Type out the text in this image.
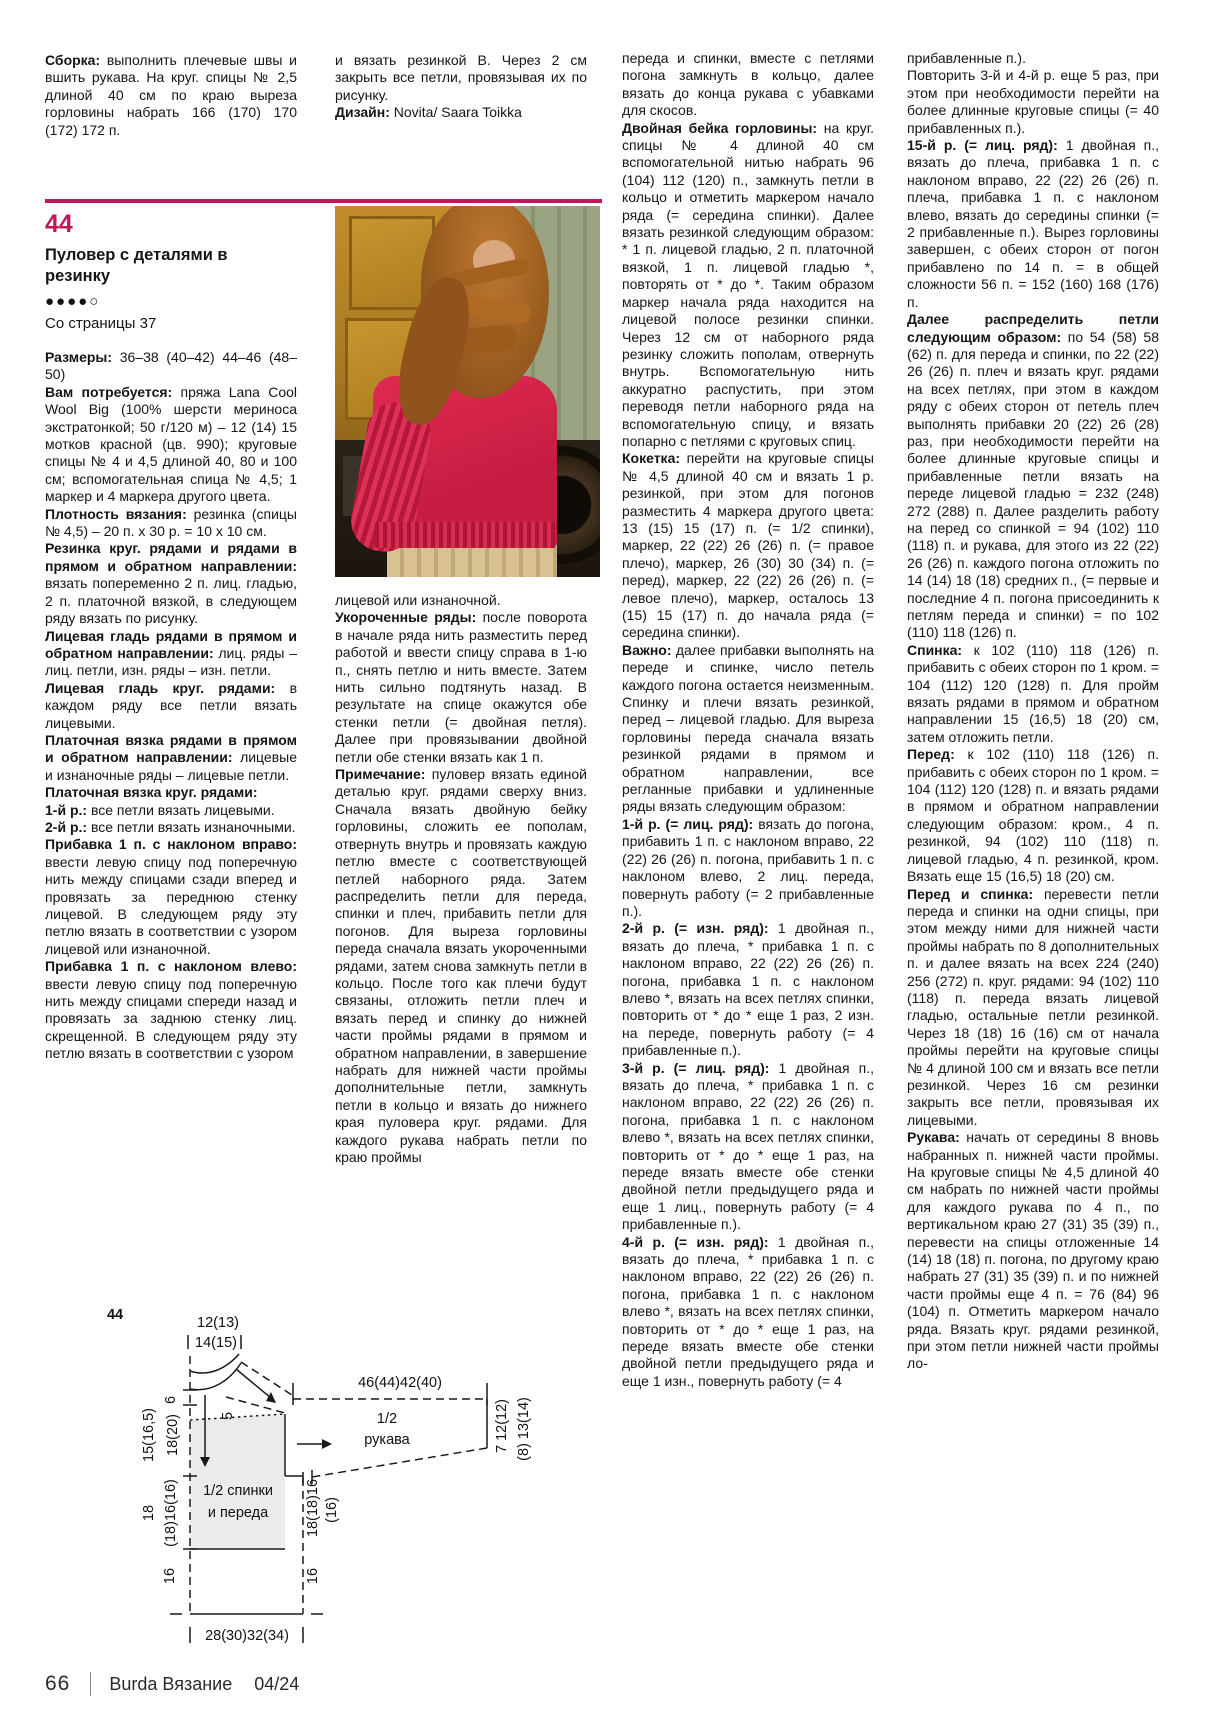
Сборка: выполнить плечевые швы и вшить рукава. На круг. спицы № 2,5 длиной 40 см по краю выреза горловины набрать 166 (170) 170 (172) 172 п.

44
Пуловер с деталями в резинку
●●●●○
Со страницы 37

Размеры: 36–38 (40–42) 44–46 (48–50)

Вам потребуется: пряжа Lana Cool Wool Big (100% шерсти мериноса экстратонкой; 50 г/120 м) – 12 (14) 15 мотков красной (цв. 990); круговые спицы № 4 и 4,5 длиной 40, 80 и 100 см; вспомогательная спица № 4,5; 1 маркер и 4 маркера другого цвета.

Плотность вязания: резинка (спицы № 4,5) – 20 п. х 30 р. = 10 х 10 см.

Резинка круг. рядами и рядами в прямом и обратном направлении: вязать попеременно 2 п. лиц. гладью, 2 п. платочной вязкой, в следующем ряду вязать по рисунку.

Лицевая гладь рядами в прямом и обратном направлении: лиц. ряды – лиц. петли, изн. ряды – изн. петли.

Лицевая гладь круг. рядами: в каждом ряду все петли вязать лицевыми.

Платочная вязка рядами в прямом и обратном направлении: лицевые и изнаночные ряды – лицевые петли.

Платочная вязка круг. рядами:

1-й р.: все петли вязать лицевыми.

2-й р.: все петли вязать изнаночными.

Прибавка 1 п. с наклоном вправо: ввести левую спицу под поперечную нить между спицами сзади вперед и провязать за переднюю стенку лицевой. В следующем ряду эту петлю вязать в соответствии с узором лицевой или изнаночной.

Прибавка 1 п. с наклоном влево: ввести левую спицу под поперечную нить между спицами спереди назад и провязать за заднюю стенку лиц. скрещенной. В следующем ряду эту петлю вязать в соответствии с узором

и вязать резинкой В. Через 2 см закрыть все петли, провязывая их по рисунку.

Дизайн: Novita/ Saara Toikka

лицевой или изнаночной.

Укороченные ряды: после поворота в начале ряда нить разместить перед работой и ввести спицу справа в 1-ю п., снять петлю и нить вместе. Затем нить сильно подтянуть назад. В результате на спице окажутся обе стенки петли (= двойная петля). Далее при провязывании двойной петли обе стенки вязать как 1 п.

Примечание: пуловер вязать единой деталью круг. рядами сверху вниз. Сначала вязать двойную бейку горловины, сложить ее пополам, отвернуть внутрь и провязать каждую петлю вместе с соответствующей петлей наборного ряда. Затем распределить петли для переда, спинки и плеч, прибавить петли для погонов. Для выреза горловины переда сначала вязать укороченными рядами, затем снова замкнуть петли в кольцо. После того как плечи будут связаны, отложить петли плеч и вязать перед и спинку до нижней части проймы рядами в прямом и обратном направлении, в завершение набрать для нижней части проймы дополнительные петли, замкнуть петли в кольцо и вязать до нижнего края пуловера круг. рядами. Для каждого рукава набрать петли по краю проймы

переда и спинки, вместе с петлями погона замкнуть в кольцо, далее вязать до конца рукава с убавками для скосов.

Двойная бейка горловины: на круг. спицы № 4 длиной 40 см вспомогательной нитью набрать 96 (104) 112 (120) п., замкнуть петли в кольцо и отметить маркером начало ряда (= середина спинки). Далее вязать резинкой следующим образом: * 1 п. лицевой гладью, 2 п. платочной вязкой, 1 п. лицевой гладью *, повторять от * до *. Таким образом маркер начала ряда находится на лицевой полосе резинки спинки. Через 12 см от наборного ряда резинку сложить пополам, отвернуть внутрь. Вспомогательную нить аккуратно распустить, при этом переводя петли наборного ряда на вспомогательную спицу, и вязать попарно с петлями с круговых спиц.

Кокетка: перейти на круговые спицы № 4,5 длиной 40 см и вязать 1 р. резинкой, при этом для погонов разместить 4 маркера другого цвета: 13 (15) 15 (17) п. (= 1/2 спинки), маркер, 22 (22) 26 (26) п. (= правое плечо), маркер, 26 (30) 30 (34) п. (= перед), маркер, 22 (22) 26 (26) п. (= левое плечо), маркер, осталось 13 (15) 15 (17) п. до начала ряда (= середина спинки).

Важно: далее прибавки выполнять на переде и спинке, число петель каждого погона остается неизменным. Спинку и плечи вязать резинкой, перед – лицевой гладью. Для выреза горловины переда сначала вязать резинкой рядами в прямом и обратном направлении, все регланные прибавки и удлиненные ряды вязать следующим образом:

1-й р. (= лиц. ряд): вязать до погона, прибавить 1 п. с наклоном вправо, 22 (22) 26 (26) п. погона, прибавить 1 п. с наклоном влево, 2 лиц. переда, повернуть работу (= 2 прибавленные п.).

2-й р. (= изн. ряд): 1 двойная п., вязать до плеча, * прибавка 1 п. с наклоном вправо, 22 (22) 26 (26) п. погона, прибавка 1 п. с наклоном влево *, вязать на всех петлях спинки, повторить от * до * еще 1 раз, 2 изн. на переде, повернуть работу (= 4 прибавленные п.).

3-й р. (= лиц. ряд): 1 двойная п., вязать до плеча, * прибавка 1 п. с наклоном вправо, 22 (22) 26 (26) п. погона, прибавка 1 п. с наклоном влево *, вязать на всех петлях спинки, повторить от * до * еще 1 раз, на переде вязать вместе обе стенки двойной петли предыдущего ряда и еще 1 лиц., повернуть работу (= 4 прибавленные п.).

4-й р. (= изн. ряд): 1 двойная п., вязать до плеча, * прибавка 1 п. с наклоном вправо, 22 (22) 26 (26) п. погона, прибавка 1 п. с наклоном влево *, вязать на всех петлях спинки, повторить от * до * еще 1 раз, на переде вязать вместе обе стенки двойной петли предыдущего ряда и еще 1 изн., повернуть работу (= 4

прибавленные п.).

Повторить 3-й и 4-й р. еще 5 раз, при этом при необходимости перейти на более длинные круговые спицы (= 40 прибавленных п.).

15-й р. (= лиц. ряд): 1 двойная п., вязать до плеча, прибавка 1 п. с наклоном вправо, 22 (22) 26 (26) п. плеча, прибавка 1 п. с наклоном влево, вязать до середины спинки (= 2 прибавленные п.). Вырез горловины завершен, с обеих сторон от погон прибавлено по 14 п. = в общей сложности 56 п. = 152 (160) 168 (176) п.

Далее распределить петли следующим образом: по 54 (58) 58 (62) п. для переда и спинки, по 22 (22) 26 (26) п. плеч и вязать круг. рядами на всех петлях, при этом в каждом ряду с обеих сторон от петель плеч выполнять прибавки 20 (22) 26 (28) раз, при необходимости перейти на более длинные круговые спицы и прибавленные петли вязать на переде лицевой гладью = 232 (248) 272 (288) п. Далее разделить работу на перед со спинкой = 94 (102) 110 (118) п. и рукава, для этого из 22 (22) 26 (26) п. каждого погона отложить по 14 (14) 18 (18) средних п., (= первые и последние 4 п. погона присоединить к петлям переда и спинки) = по 102 (110) 118 (126) п.

Спинка: к 102 (110) 118 (126) п. прибавить с обеих сторон по 1 кром. = 104 (112) 120 (128) п. Для пройм вязать рядами в прямом и обратном направлении 15 (16,5) 18 (20) см, затем отложить петли.

Перед: к 102 (110) 118 (126) п. прибавить с обеих сторон по 1 кром. = 104 (112) 120 (128) п. и вязать рядами в прямом и обратном направлении следующим образом: кром., 4 п. резинкой, 94 (102) 110 (118) п. лицевой гладью, 4 п. резинкой, кром. Вязать еще 15 (16,5) 18 (20) см.

Перед и спинка: перевести петли переда и спинки на одни спицы, при этом между ними для нижней части проймы набрать по 8 дополнительных п. и далее вязать на всех 224 (240) 256 (272) п. круг. рядами: 94 (102) 110 (118) п. переда вязать лицевой гладью, остальные петли резинкой. Через 18 (18) 16 (16) см от начала проймы перейти на круговые спицы № 4 длиной 100 см и вязать все петли резинкой. Через 16 см резинки закрыть все петли, провязывая их лицевыми.

Рукава: начать от середины 8 вновь набранных п. нижней части проймы. На круговые спицы № 4,5 длиной 40 см набрать по нижней части проймы для каждого рукава по 4 п., по вертикальном краю 27 (31) 35 (39) п., перевести на спицы отложенные 14 (14) 18 (18) п. погона, по другому краю набрать 27 (31) 35 (39) п. и по нижней части проймы еще 4 п. = 76 (84) 96 (104) п. Отметить маркером начало ряда. Вязать круг. рядами резинкой, при этом петли нижней части проймы ло-

44	12(13)
14(15)
46(44)42(40)
1/2
рукава
1/2 спинки
и переда
28(30)32(34)
6
15(16,5) 18(20)
18 (18)16(16)
16
5
18(18)16 (16)
16
7 12(12) (8) 13(14)
66 Burda Вязание 04/24
